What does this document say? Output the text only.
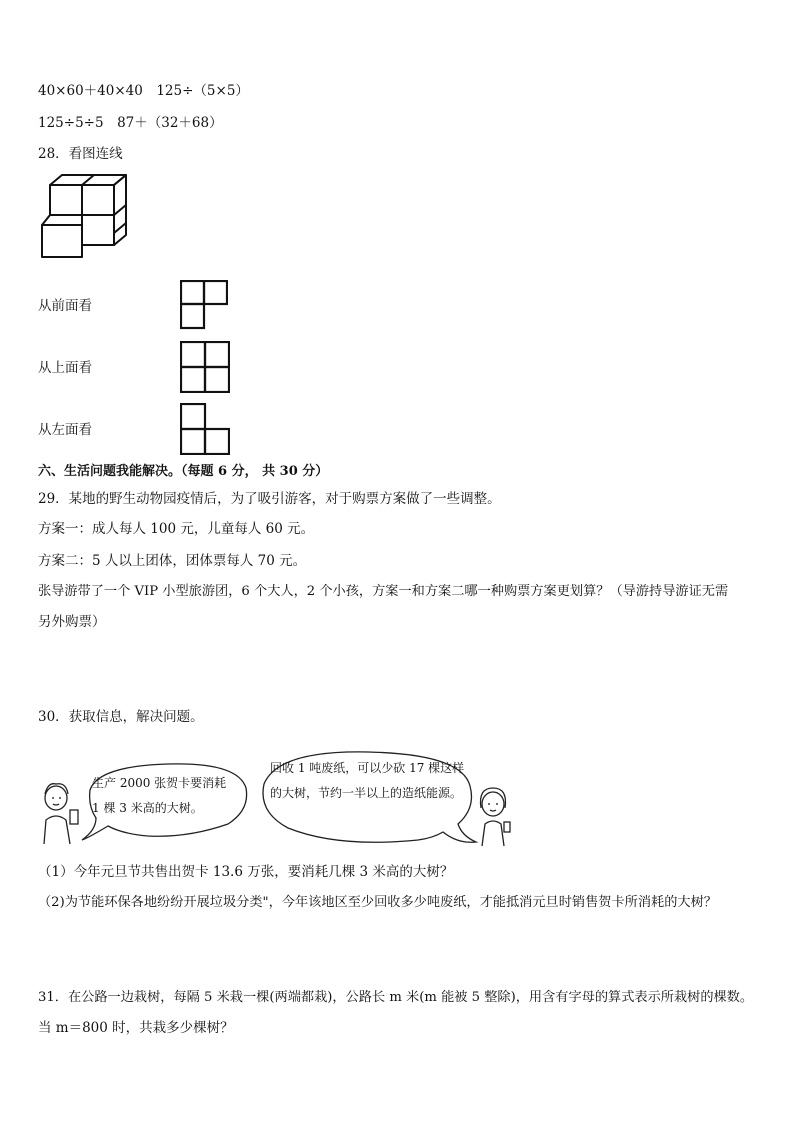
40×60＋40×40　125÷（5×5）
125÷5÷5　87＋（32＋68）
28．看图连线
从前面看
从上面看
从左面看
六、生活问题我能解决。（每题 6 分， 共 30 分）
29．某地的野生动物园疫情后，为了吸引游客，对于购票方案做了一些调整。
方案一：成人每人 100 元，儿童每人 60 元。
方案二：5 人以上团体，团体票每人 70 元。
张导游带了一个 VIP 小型旅游团，6 个大人，2 个小孩，方案一和方案二哪一种购票方案更划算？（导游持导游证无需
另外购票）
30．获取信息，解决问题。
生产 2000 张贺卡要消耗
1 棵 3 米高的大树。
回收 1 吨废纸，可以少砍 17 棵这样
的大树，节约一半以上的造纸能源。
（1）今年元旦节共售出贺卡 13.6 万张，要消耗几棵 3 米高的大树？
（2)为节能环保各地纷纷开展垃圾分类"，今年该地区至少回收多少吨废纸，才能抵消元旦时销售贺卡所消耗的大树？
31．在公路一边栽树，每隔 5 米栽一棵(两端都栽)，公路长 m 米(m 能被 5 整除)，用含有字母的算式表示所栽树的棵数。
当 m＝800 时，共栽多少棵树？
